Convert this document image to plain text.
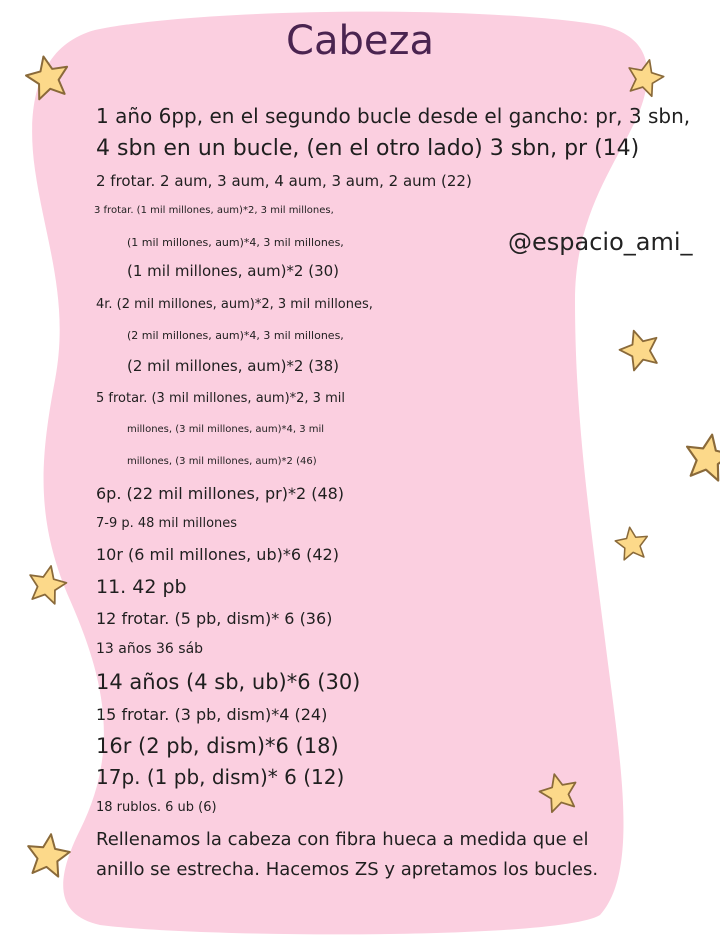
Cabeza
@espacio_ami_
1 año 6pp, en el segundo bucle desde el gancho: pr, 3 sbn,
4 sbn en un bucle, (en el otro lado) 3 sbn, pr (14)
2 frotar. 2 aum, 3 aum, 4 aum, 3 aum, 2 aum (22)
3 frotar. (1 mil millones, aum)*2, 3 mil millones,
(1 mil millones, aum)*4, 3 mil millones,
(1 mil millones, aum)*2 (30)
4r. (2 mil millones, aum)*2, 3 mil millones,
(2 mil millones, aum)*4, 3 mil millones,
(2 mil millones, aum)*2 (38)
5 frotar. (3 mil millones, aum)*2, 3 mil
millones, (3 mil millones, aum)*4, 3 mil
millones, (3 mil millones, aum)*2 (46)
6p. (22 mil millones, pr)*2 (48)
7-9 p. 48 mil millones
10r (6 mil millones, ub)*6 (42)
11. 42 pb
12 frotar. (5 pb, dism)* 6 (36)
13 años 36 sáb
14 años (4 sb, ub)*6 (30)
15 frotar. (3 pb, dism)*4 (24)
16r (2 pb, dism)*6 (18)
17p. (1 pb, dism)* 6 (12)
18 rublos. 6 ub (6)
Rellenamos la cabeza con fibra hueca a medida que el
anillo se estrecha. Hacemos ZS y apretamos los bucles.
